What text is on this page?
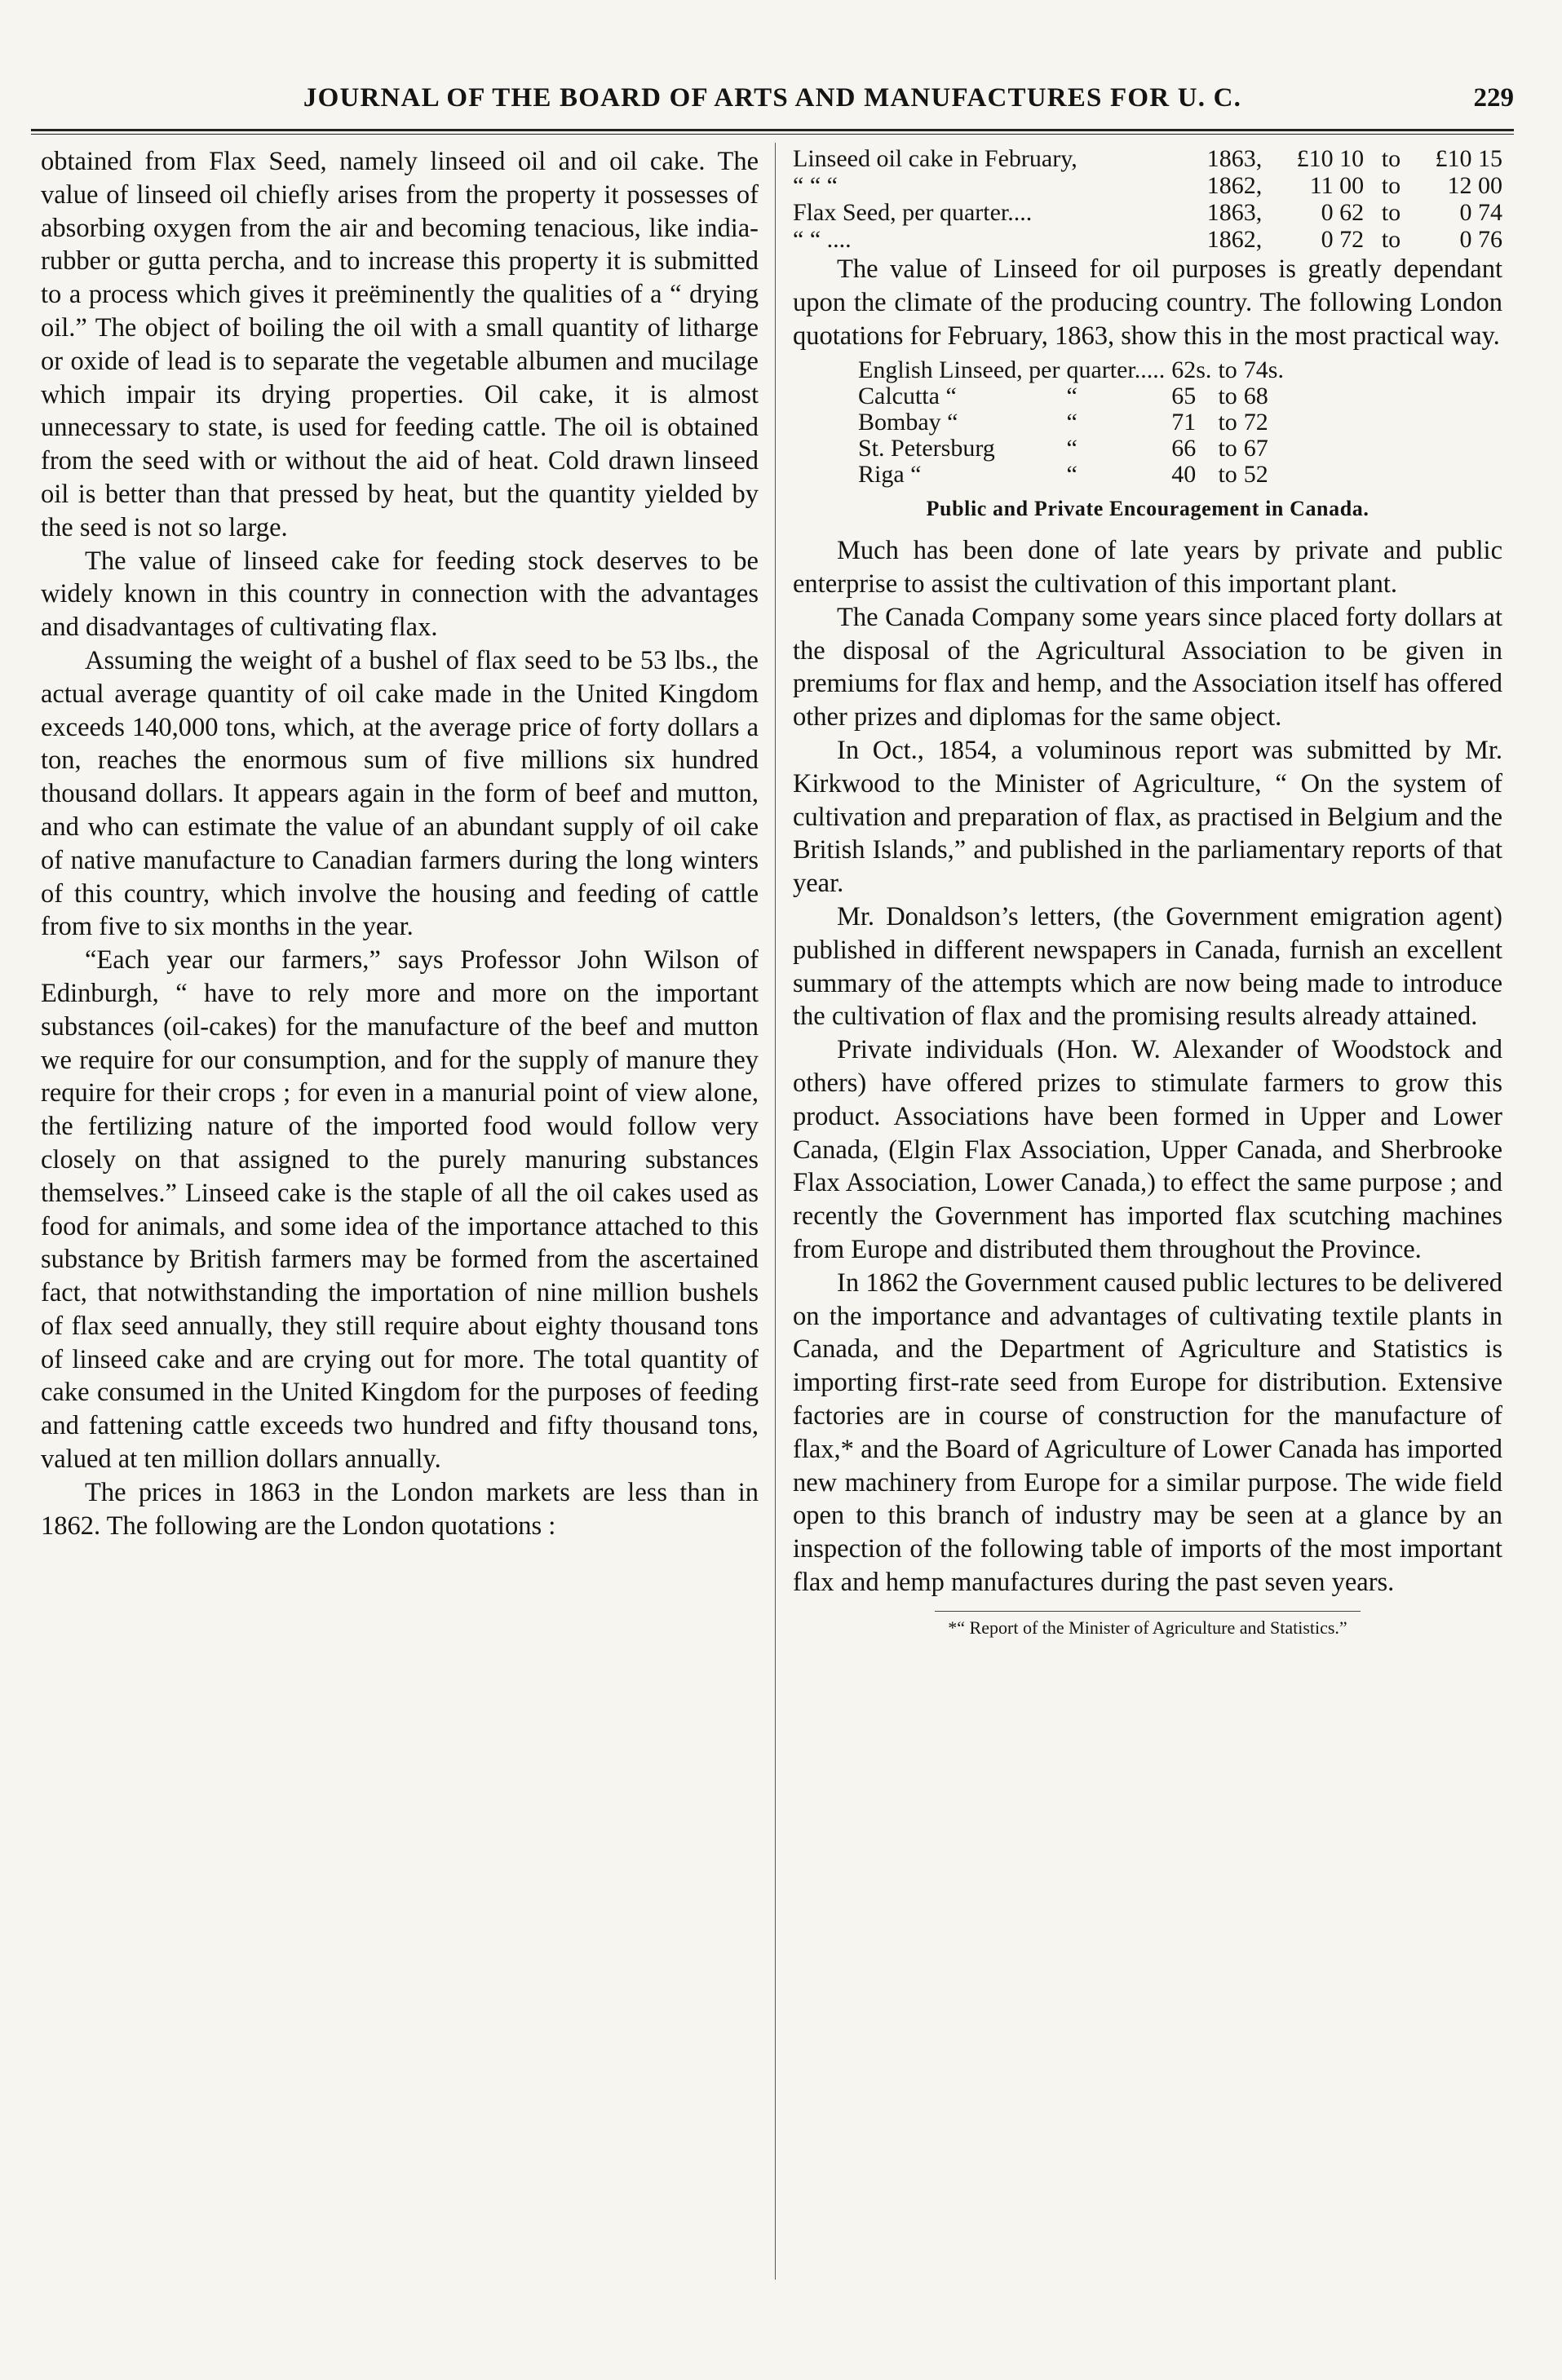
JOURNAL OF THE BOARD OF ARTS AND MANUFACTURES FOR U. C.	229

obtained from Flax Seed, namely linseed oil and oil cake. The value of linseed oil chiefly arises from the property it possesses of absorbing oxygen from the air and becoming tenacious, like india-rubber or gutta percha, and to increase this property it is submitted to a process which gives it preëminently the qualities of a “ drying oil.” The object of boiling the oil with a small quantity of litharge or oxide of lead is to separate the vegetable albumen and mucilage which impair its drying properties. Oil cake, it is almost unnecessary to state, is used for feeding cattle. The oil is obtained from the seed with or without the aid of heat. Cold drawn linseed oil is better than that pressed by heat, but the quantity yielded by the seed is not so large.

The value of linseed cake for feeding stock deserves to be widely known in this country in connection with the advantages and disadvantages of cultivating flax.

Assuming the weight of a bushel of flax seed to be 53 lbs., the actual average quantity of oil cake made in the United Kingdom exceeds 140,000 tons, which, at the average price of forty dollars a ton, reaches the enormous sum of five millions six hundred thousand dollars. It appears again in the form of beef and mutton, and who can estimate the value of an abundant supply of oil cake of native manufacture to Canadian farmers during the long winters of this country, which involve the housing and feeding of cattle from five to six months in the year.

“Each year our farmers,” says Professor John Wilson of Edinburgh, “ have to rely more and more on the important substances (oil-cakes) for the manufacture of the beef and mutton we require for our consumption, and for the supply of manure they require for their crops ; for even in a manurial point of view alone, the fertilizing nature of the imported food would follow very closely on that assigned to the purely manuring substances themselves.” Linseed cake is the staple of all the oil cakes used as food for animals, and some idea of the importance attached to this substance by British farmers may be formed from the ascertained fact, that notwithstanding the importation of nine million bushels of flax seed annually, they still require about eighty thousand tons of linseed cake and are crying out for more. The total quantity of cake consumed in the United Kingdom for the purposes of feeding and fattening cattle exceeds two hundred and fifty thousand tons, valued at ten million dollars annually.

The prices in 1863 in the London markets are less than in 1862. The following are the London quotations :

Linseed oil cake in February,	1863,	£10 10	to	£10 15
“ “ “	1862,	11 00	to	12 00
Flax Seed, per quarter....	1863,	0 62	to	0 74
“ “ ....	1862,	0 72	to	0 76

The value of Linseed for oil purposes is greatly dependant upon the climate of the producing country. The following London quotations for February, 1863, show this in the most practical way.

English Linseed, per	quarter.....	62s.	to	74s.
Calcutta “	“	65	to	68
Bombay “	“	71	to	72
St. Petersburg	“	66	to	67
Riga “	“	40	to	52
Public and Private Encouragement in Canada.

Much has been done of late years by private and public enterprise to assist the cultivation of this important plant.

The Canada Company some years since placed forty dollars at the disposal of the Agricultural Association to be given in premiums for flax and hemp, and the Association itself has offered other prizes and diplomas for the same object.

In Oct., 1854, a voluminous report was submitted by Mr. Kirkwood to the Minister of Agriculture, “ On the system of cultivation and preparation of flax, as practised in Belgium and the British Islands,” and published in the parliamentary reports of that year.

Mr. Donaldson’s letters, (the Government emigration agent) published in different newspapers in Canada, furnish an excellent summary of the attempts which are now being made to introduce the cultivation of flax and the promising results already attained.

Private individuals (Hon. W. Alexander of Woodstock and others) have offered prizes to stimulate farmers to grow this product. Associations have been formed in Upper and Lower Canada, (Elgin Flax Association, Upper Canada, and Sherbrooke Flax Association, Lower Canada,) to effect the same purpose ; and recently the Government has imported flax scutching machines from Europe and distributed them throughout the Province.

In 1862 the Government caused public lectures to be delivered on the importance and advantages of cultivating textile plants in Canada, and the Department of Agriculture and Statistics is importing first-rate seed from Europe for distribution. Extensive factories are in course of construction for the manufacture of flax,* and the Board of Agriculture of Lower Canada has imported new machinery from Europe for a similar purpose. The wide field open to this branch of industry may be seen at a glance by an inspection of the following table of imports of the most important flax and hemp manufactures during the past seven years.

*“ Report of the Minister of Agriculture and Statistics.”
